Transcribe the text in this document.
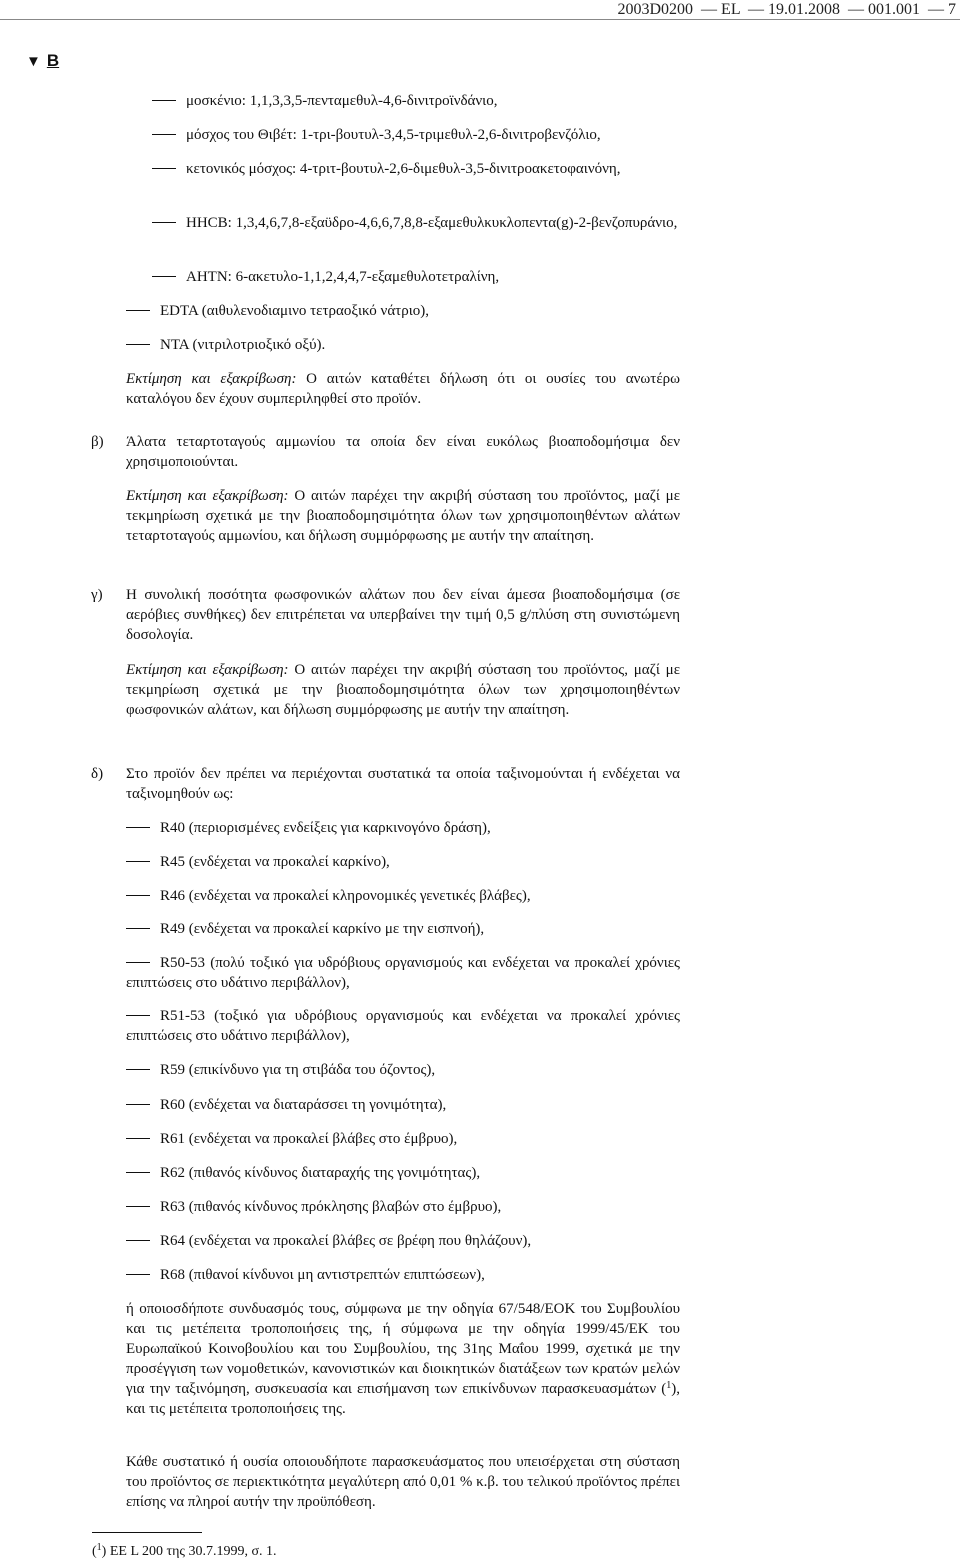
2003D0200  — EL  — 19.01.2008  — 001.001  — 7
▼ B
μοσκένιο: 1,1,3,3,5-πενταμεθυλ-4,6-δινιτροϊνδάνιο,
μόσχος του Θιβέτ: 1-τρι-βουτυλ-3,4,5-τριμεθυλ-2,6-δινιτροβενζόλιο,
κετονικός μόσχος: 4-τριτ-βουτυλ-2,6-διμεθυλ-3,5-δινιτροακετοφαινόνη,
HHCB: 1,3,4,6,7,8-εξαϋδρο-4,6,6,7,8,8-εξαμεθυλκυκλοπεντα(g)-2-βενζοπυράνιο,
AHTN: 6-ακετυλο-1,1,2,4,4,7-εξαμεθυλοτετραλίνη,
EDTA (αιθυλενοδιαμινο τετραοξικό νάτριο),
NTA (νιτριλοτριοξικό οξύ).
Εκτίμηση και εξακρίβωση: Ο αιτών καταθέτει δήλωση ότι οι ουσίες του ανωτέρω καταλόγου δεν έχουν συμπεριληφθεί στο προϊόν.
β) Άλατα τεταρτοταγούς αμμωνίου τα οποία δεν είναι ευκόλως βιοαποδομήσιμα δεν χρησιμοποιούνται.
Εκτίμηση και εξακρίβωση: Ο αιτών παρέχει την ακριβή σύσταση του προϊόντος, μαζί με τεκμηρίωση σχετικά με την βιοαποδομησιμότητα όλων των χρησιμοποιηθέντων αλάτων τεταρτοταγούς αμμωνίου, και δήλωση συμμόρφωσης με αυτήν την απαίτηση.
γ) Η συνολική ποσότητα φωσφονικών αλάτων που δεν είναι άμεσα βιοαποδομήσιμα (σε αερόβιες συνθήκες) δεν επιτρέπεται να υπερβαίνει την τιμή 0,5 g/πλύση στη συνιστώμενη δοσολογία.
Εκτίμηση και εξακρίβωση: Ο αιτών παρέχει την ακριβή σύσταση του προϊόντος, μαζί με τεκμηρίωση σχετικά με την βιοαποδομησιμότητα όλων των χρησιμοποιηθέντων φωσφονικών αλάτων, και δήλωση συμμόρφωσης με αυτήν την απαίτηση.
δ) Στο προϊόν δεν πρέπει να περιέχονται συστατικά τα οποία ταξινομούνται ή ενδέχεται να ταξινομηθούν ως:
R40 (περιορισμένες ενδείξεις για καρκινογόνο δράση),
R45 (ενδέχεται να προκαλεί καρκίνο),
R46 (ενδέχεται να προκαλεί κληρονομικές γενετικές βλάβες),
R49 (ενδέχεται να προκαλεί καρκίνο με την εισπνοή),
R50-53 (πολύ τοξικό για υδρόβιους οργανισμούς και ενδέχεται να προκαλεί χρόνιες επιπτώσεις στο υδάτινο περιβάλλον),
R51-53 (τοξικό για υδρόβιους οργανισμούς και ενδέχεται να προκαλεί χρόνιες επιπτώσεις στο υδάτινο περιβάλλον),
R59 (επικίνδυνο για τη στιβάδα του όζοντος),
R60 (ενδέχεται να διαταράσσει τη γονιμότητα),
R61 (ενδέχεται να προκαλεί βλάβες στο έμβρυο),
R62 (πιθανός κίνδυνος διαταραχής της γονιμότητας),
R63 (πιθανός κίνδυνος πρόκλησης βλαβών στο έμβρυο),
R64 (ενδέχεται να προκαλεί βλάβες σε βρέφη που θηλάζουν),
R68 (πιθανοί κίνδυνοι μη αντιστρεπτών επιπτώσεων),
ή οποιοσδήποτε συνδυασμός τους, σύμφωνα με την οδηγία 67/548/ΕΟΚ του Συμβουλίου και τις μετέπειτα τροποποιήσεις της, ή σύμφωνα με την οδηγία 1999/45/ΕΚ του Ευρωπαϊκού Κοινοβουλίου και του Συμβουλίου, της 31ης Μαΐου 1999, σχετικά με την προσέγγιση των νομοθετικών, κανονιστικών και διοικητικών διατάξεων των κρατών μελών για την ταξινόμηση, συσκευασία και επισήμανση των επικίνδυνων παρασκευασμάτων ($^1$), και τις μετέπειτα τροποποιήσεις της.
Κάθε συστατικό ή ουσία οποιουδήποτε παρασκευάσματος που υπεισέρχεται στη σύσταση του προϊόντος σε περιεκτικότητα μεγαλύτερη από 0,01 % κ.β. του τελικού προϊόντος πρέπει επίσης να πληροί αυτήν την προϋπόθεση.
($^1$) ΕΕ L 200 της 30.7.1999, σ. 1.
